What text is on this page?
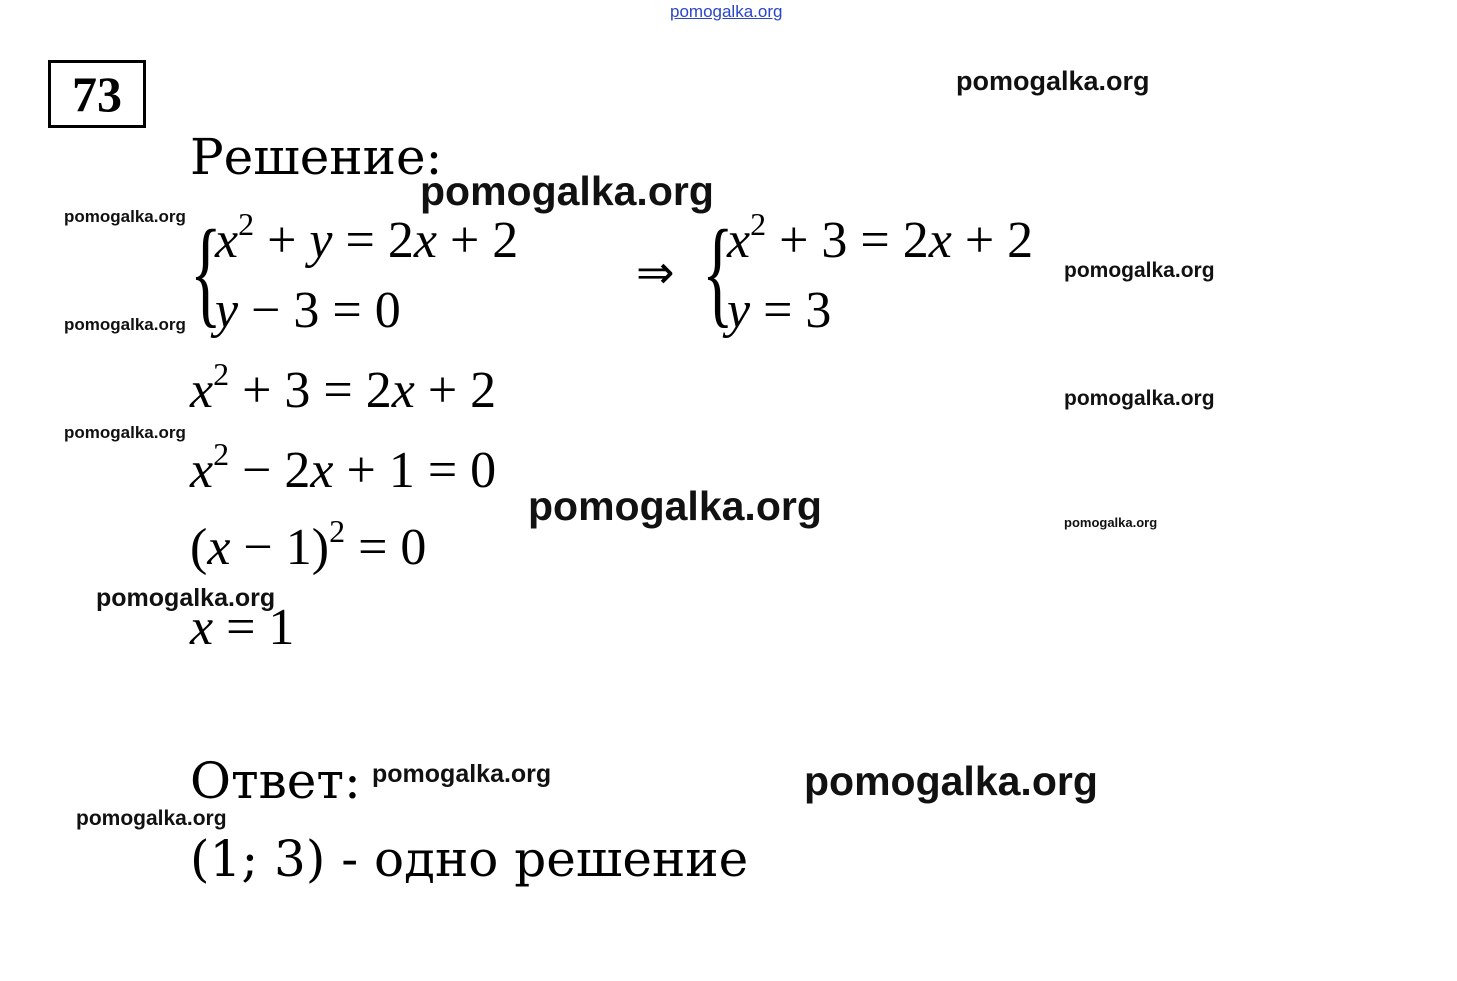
pomogalka.org
73
Решение:
{
$x^2 + y = 2x + 2$
y − 3 = 0
⇒ {
$x^2 + 3 = 2x + 2$
y = 3
$x^2 + 3 = 2x + 2$
$x^2 - 2x + 1 = 0$
$(x - 1)^2 = 0$
x = 1
Ответ:
(1; 3) - одно решение
pomogalka.org
pomogalka.org
pomogalka.org
pomogalka.org
pomogalka.org
pomogalka.org
pomogalka.org
pomogalka.org	pomogalka.org
pomogalka.org
pomogalka.org	pomogalka.org
pomogalka.org
